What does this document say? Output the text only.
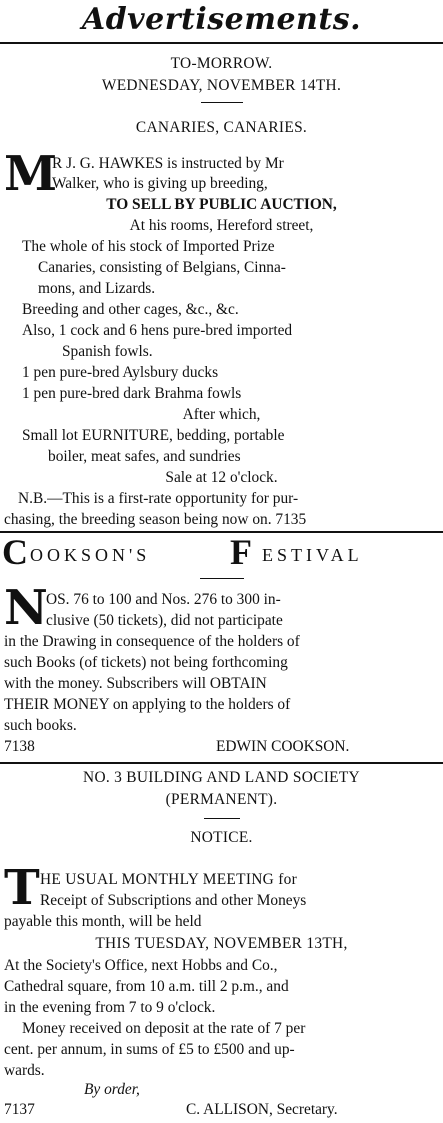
Advertisements.
TO-MORROW.
WEDNESDAY, NOVEMBER 14TH.
CANARIES, CANARIES.
M
R J. G. HAWKES is instructed by Mr
Walker, who is giving up breeding,
TO SELL BY PUBLIC AUCTION,
At his rooms, Hereford street,
The whole of his stock of Imported Prize
Canaries, consisting of Belgians, Cinna-
mons, and Lizards.
Breeding and other cages, &c., &c.
Also, 1 cock and 6 hens pure-bred imported
Spanish fowls.
1 pen pure-bred Aylsbury ducks
1 pen pure-bred dark Brahma fowls
After which,
Small lot EURNITURE, bedding, portable
boiler, meat safes, and sundries
Sale at 12 o'clock.
N.B.—This is a first-rate opportunity for pur-
chasing, the breeding season being now on. 7135
C OOKSON'S F ESTIVAL
N
OS. 76 to 100 and Nos. 276 to 300 in-
clusive (50 tickets), did not participate
in the Drawing in consequence of the holders of
such Books (of tickets) not being forthcoming
with the money. Subscribers will OBTAIN
THEIR MONEY on applying to the holders of
such books.
7138	EDWIN COOKSON.
NO. 3 BUILDING AND LAND SOCIETY
(PERMANENT).
NOTICE.
T HE USUAL MONTHLY MEETING for
Receipt of Subscriptions and other Moneys
payable this month, will be held
THIS TUESDAY, NOVEMBER 13TH,
At the Society's Office, next Hobbs and Co.,
Cathedral square, from 10 a.m. till 2 p.m., and
in the evening from 7 to 9 o'clock.
Money received on deposit at the rate of 7 per
cent. per annum, in sums of £5 to £500 and up-
wards.
By order,
7137	C. ALLISON, Secretary.
